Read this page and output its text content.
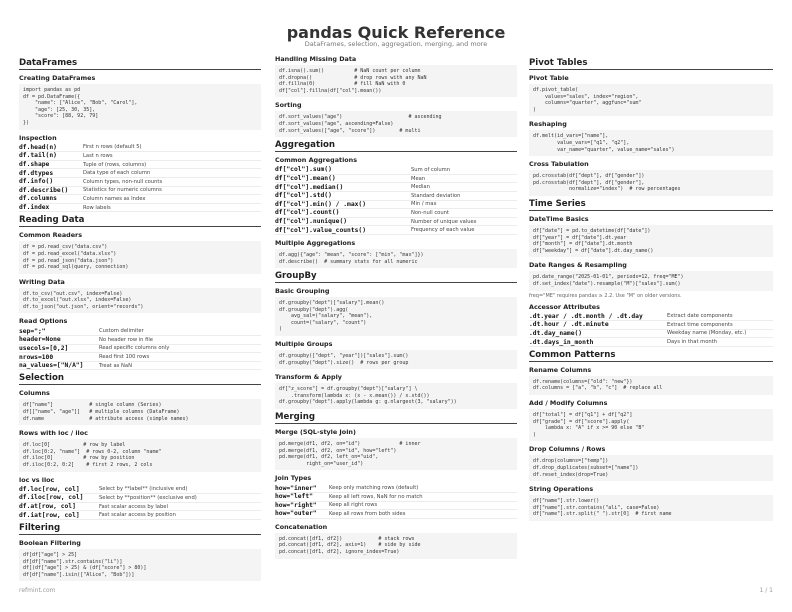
pandas Quick Reference
DataFrames, selection, aggregation, merging, and more
DataFrames
Creating DataFrames
import pandas as pd
df = pd.DataFrame({
"name": ["Alice", "Bob", "Carol"],
"age": [25, 30, 35],
"score": [88, 92, 79]
})
Inspection
df.head(n)	First n rows (default 5)
df.tail(n)	Last n rows
df.shape	Tuple of (rows, columns)
df.dtypes	Data type of each column
df.info()	Column types, non-null counts
df.describe()	Statistics for numeric columns
df.columns	Column names as Index
df.index	Row labels
Reading Data
Common Readers
df = pd.read_csv("data.csv")
df = pd.read_excel("data.xlsx")
df = pd.read_json("data.json")
df = pd.read_sql(query, connection)
Writing Data
df.to_csv("out.csv", index=False)
df.to_excel("out.xlsx", index=False)
df.to_json("out.json", orient="records")
Read Options
sep=";"	Custom delimiter
header=None	No header row in file
usecols=[0,2]	Read specific columns only
nrows=100	Read first 100 rows
na_values=["N/A"]	Treat as NaN
Selection
Columns
df["name"]            # single column (Series)
df[["name", "age"]]   # multiple columns (DataFrame)
df.name               # attribute access (simple names)
Rows with loc / iloc
df.loc[0]           # row by label
df.loc[0:2, "name"]  # rows 0-2, column "name"
df.iloc[0]          # row by position
df.iloc[0:2, 0:2]    # first 2 rows, 2 cols
loc vs iloc
df.loc[row, col]	Select by **label** (inclusive end)
df.iloc[row, col]	Select by **position** (exclusive end)
df.at[row, col]	Fast scalar access by label
df.iat[row, col]	Fast scalar access by position
Filtering
Boolean Filtering
df[df["age"] > 25]
df[df["name"].str.contains("li")]
df[(df["age"] > 25) & (df["score"] > 80)]
df[df["name"].isin(["Alice", "Bob"])]
Handling Missing Data
df.isna().sum()          # NaN count per column
df.dropna()              # drop rows with any NaN
df.fillna(0)             # fill NaN with 0
df["col"].fillna(df["col"].mean())
Sorting
df.sort_values("age")                      # ascending
df.sort_values("age", ascending=False)
df.sort_values(["age", "score"])        # multi
Aggregation
Common Aggregations
df["col"].sum()	Sum of column
df["col"].mean()	Mean
df["col"].median()	Median
df["col"].std()	Standard deviation
df["col"].min() / .max()	Min / max
df["col"].count()	Non-null count
df["col"].nunique()	Number of unique values
df["col"].value_counts()	Frequency of each value
Multiple Aggregations
df.agg({"age": "mean", "score": ["min", "max"]})
df.describe()  # summary stats for all numeric
GroupBy
Basic Grouping
df.groupby("dept")["salary"].mean()
df.groupby("dept").agg(
avg_sal=("salary", "mean"),
count=("salary", "count")
)
Multiple Groups
df.groupby(["dept", "year"])["sales"].sum()
df.groupby("dept").size()  # rows per group
Transform & Apply
df["z_score"] = df.groupby("dept")["salary"] \
.transform(lambda x: (x - x.mean()) / x.std())
df.groupby("dept").apply(lambda g: g.nlargest(3, "salary"))
Merging
Merge (SQL-style Join)
pd.merge(df1, df2, on="id")             # inner
pd.merge(df1, df2, on="id", how="left")
pd.merge(df1, df2, left_on="uid",
right_on="user_id")
Join Types
how="inner"	Keep only matching rows (default)
how="left"	Keep all left rows, NaN for no match
how="right"	Keep all right rows
how="outer"	Keep all rows from both sides
Concatenation
pd.concat([df1, df2])            # stack rows
pd.concat([df1, df2], axis=1)    # side by side
pd.concat([df1, df2], ignore_index=True)
Pivot Tables
Pivot Table
df.pivot_table(
values="sales", index="region",
columns="quarter", aggfunc="sum"
)
Reshaping
df.melt(id_vars=["name"],
value_vars=["q1", "q2"],
var_name="quarter", value_name="sales")
Cross Tabulation
pd.crosstab(df["dept"], df["gender"])
pd.crosstab(df["dept"], df["gender"],
normalize="index")  # row percentages
Time Series
DateTime Basics
df["date"] = pd.to_datetime(df["date"])
df["year"] = df["date"].dt.year
df["month"] = df["date"].dt.month
df["weekday"] = df["date"].dt.day_name()
Date Ranges & Resampling
pd.date_range("2025-01-01", periods=12, freq="ME")
df.set_index("date").resample("M")["sales"].sum()
freq="ME" requires pandas ≥ 2.2. Use "M" on older versions.
Accessor Attributes
.dt.year / .dt.month / .dt.day	Extract date components
.dt.hour / .dt.minute	Extract time components
.dt.day_name()	Weekday name (Monday, etc.)
.dt.days_in_month	Days in that month
Common Patterns
Rename Columns
df.rename(columns={"old": "new"})
df.columns = ["a", "b", "c"]  # replace all
Add / Modify Columns
df["total"] = df["q1"] + df["q2"]
df["grade"] = df["score"].apply(
lambda x: "A" if x >= 90 else "B"
)
Drop Columns / Rows
df.drop(columns=["temp"])
df.drop_duplicates(subset=["name"])
df.reset_index(drop=True)
String Operations
df["name"].str.lower()
df["name"].str.contains("ali", case=False)
df["name"].str.split(" ").str[0]  # first name
refmint.com	1 / 1
